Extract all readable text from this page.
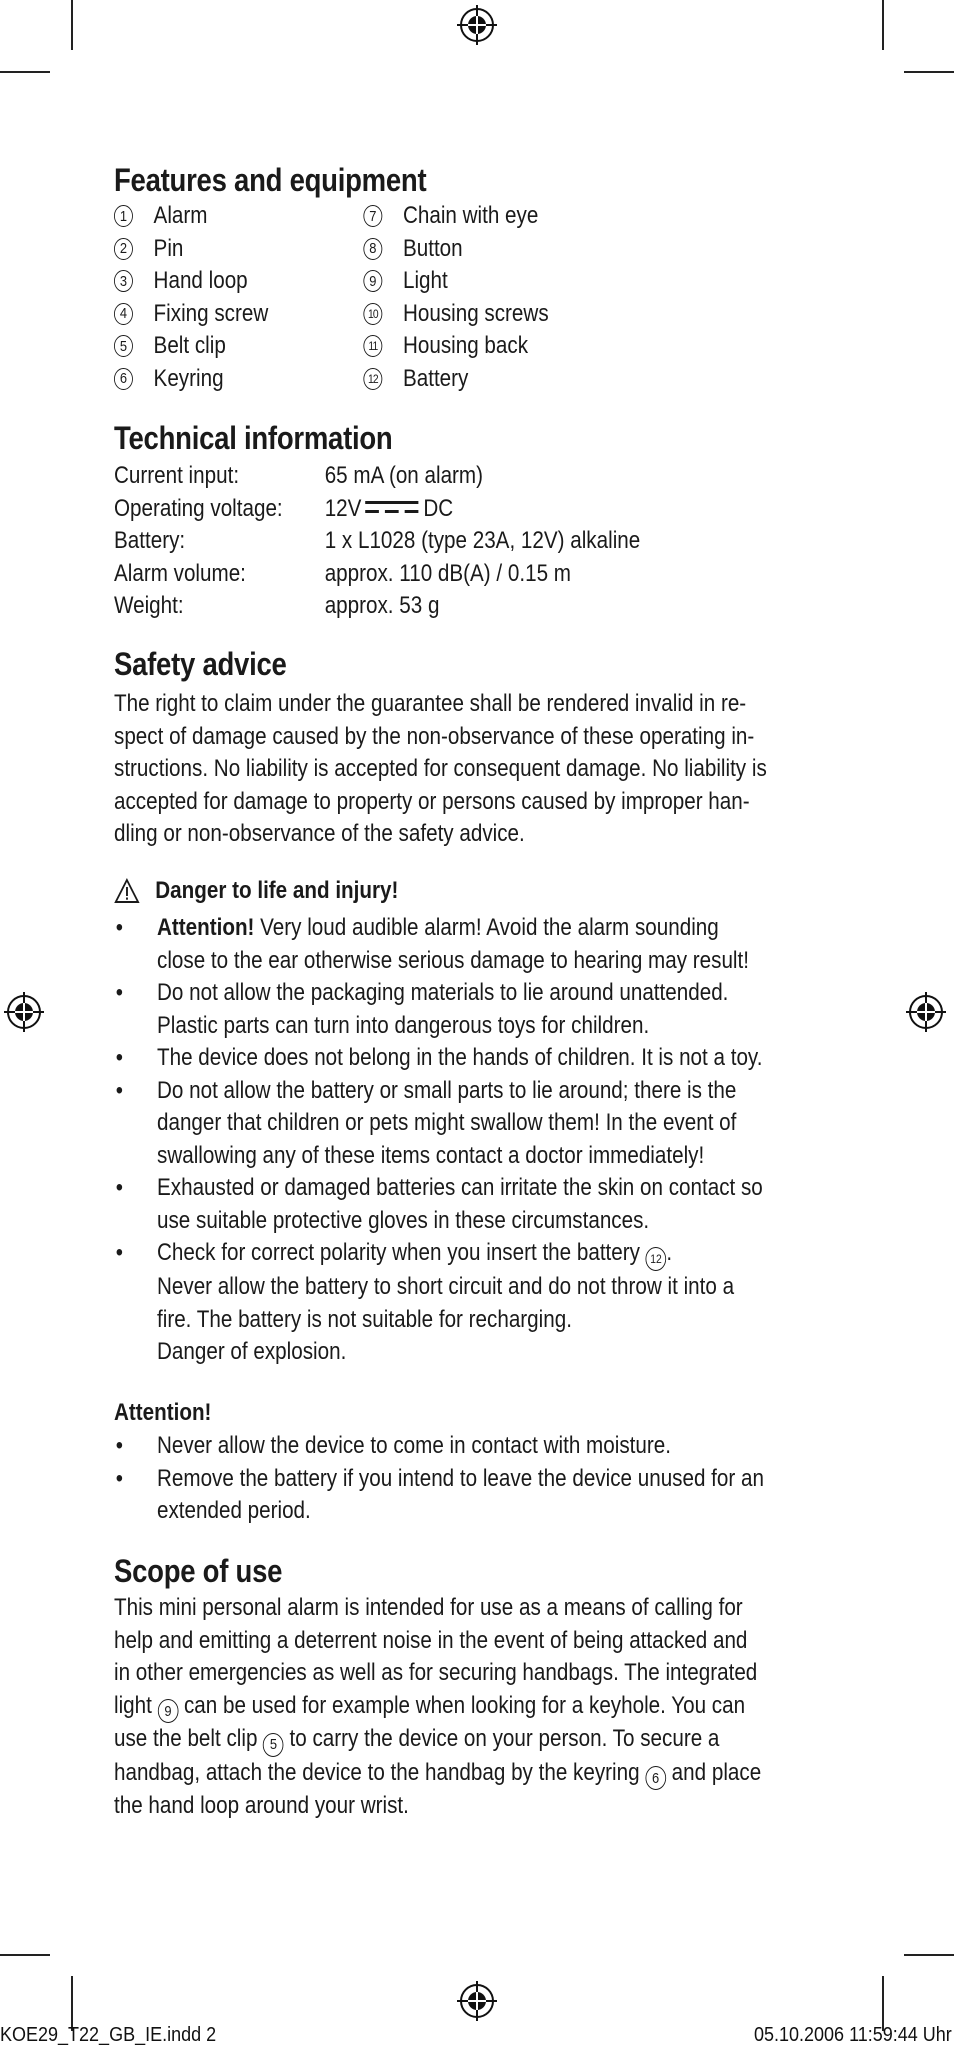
Features and equipment
1 Alarm	7 Chain with eye
2 Pin	8 Button
3 Hand loop	9 Light
4 Fixing screw	10 Housing screws
5 Belt clip	11 Housing back
6 Keyring	12 Battery
Technical information
Current input:	65 mA (on alarm)
Operating voltage:	12V	DC
Battery:	1 x L1028 (type 23A, 12V) alkaline
Alarm volume:	approx. 110 dB(A) / 0.15 m
Weight:	approx. 53 g
Safety advice
The right to claim under the guarantee shall be rendered invalid in re-
spect of damage caused by the non-observance of these operating in-
structions. No liability is accepted for consequent damage. No liability is
accepted for damage to property or persons caused by improper han-
dling or non-observance of the safety advice.
Danger to life and injury!
•	Attention! Very loud audible alarm! Avoid the alarm sounding
close to the ear otherwise serious damage to hearing may result!
•	Do not allow the packaging materials to lie around unattended.
Plastic parts can turn into dangerous toys for children.
•	The device does not belong in the hands of children. It is not a toy.
•	Do not allow the battery or small parts to lie around; there is the
danger that children or pets might swallow them! In the event of
swallowing any of these items contact a doctor immediately!
•	Exhausted or damaged batteries can irritate the skin on contact so
use suitable protective gloves in these circumstances.
•	Check for correct polarity when you insert the battery 12 .
Never allow the battery to short circuit and do not throw it into a
fire. The battery is not suitable for recharging.
Danger of explosion.
Attention!
•	Never allow the device to come in contact with moisture.
•	Remove the battery if you intend to leave the device unused for an
extended period.
Scope of use
This mini personal alarm is intended for use as a means of calling for
help and emitting a deterrent noise in the event of being attacked and
in other emergencies as well as for securing handbags. The integrated
light 9 can be used for example when looking for a keyhole. You can
use the belt clip 5 to carry the device on your person. To secure a
handbag, attach the device to the handbag by the keyring 6 and place
the hand loop around your wrist.
KOE29_T22_GB_IE.indd 2	05.10.2006 11:59:44 Uhr
